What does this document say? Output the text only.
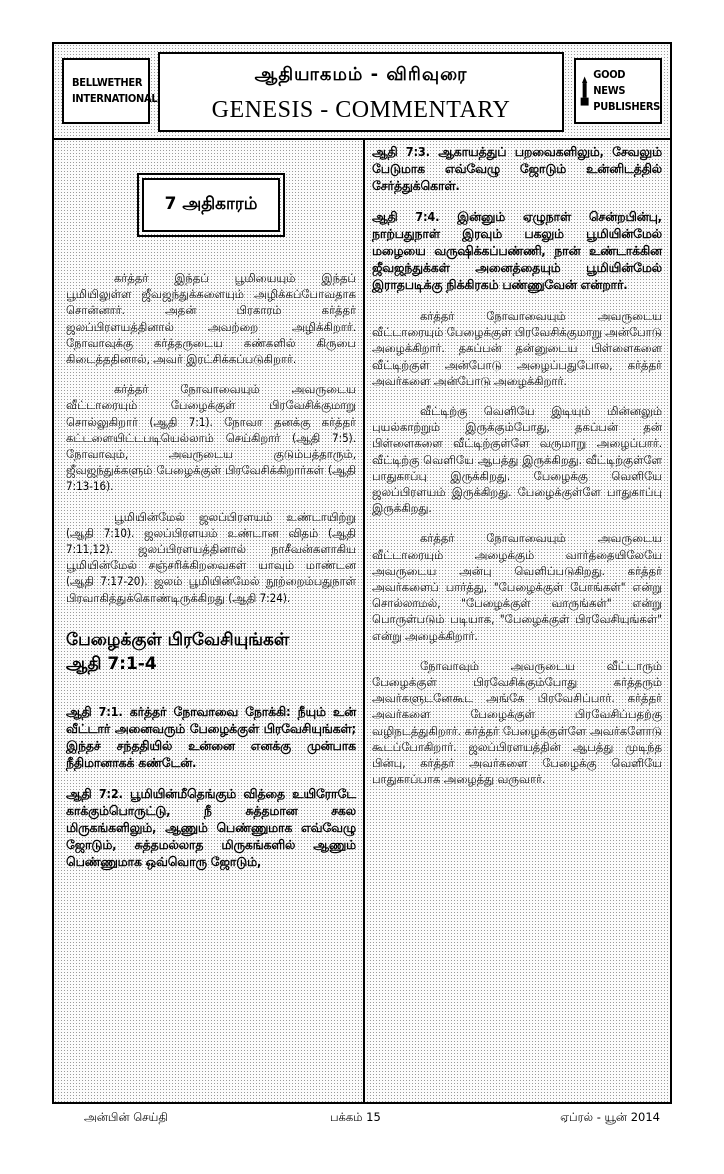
BELLWETHER
INTERNATIONAL
ஆதியாகமம் - விரிவுரை
GENESIS - COMMENTARY
GOOD NEWS
PUBLISHERS
7 அதிகாரம்

கர்த்தர் இந்தப் பூமியையும் இந்தப் பூமியிலுள்ள ஜீவஜந்துக்களையும் அழிக்கப்போவதாக சொன்னார். அதன் பிரகாரம் கர்த்தர் ஜலப்பிரளயத்தினால் அவற்றை அழிக்கிறார். நோவாவுக்கு கர்த்தருடைய கண்களில் கிருபை கிடைத்ததினால், அவர் இரட்சிக்கப்படுகிறார்.

கர்த்தர் நோவாவையும் அவருடைய வீட்டாரையும் பேழைக்குள் பிரவேசிக்குமாறு சொல்லுகிறார் (ஆதி 7:1). நோவா தனக்கு கர்த்தர் கட்டளையிட்டபடியெல்லாம் செய்கிறார் (ஆதி 7:5). நோவாவும், அவருடைய குடும்பத்தாரும், ஜீவஜந்துக்களும் பேழைக்குள் பிரவேசிக்கிறார்கள் (ஆதி 7:13-16).

பூமியின்மேல் ஜலப்பிரளயம் உண்டாயிற்று (ஆதி 7:10). ஜலப்பிரளயம் உண்டான விதம் (ஆதி 7:11,12). ஜலப்பிரளயத்தினால் நாசீவன்களாகிய பூமியின்மேல் சஞ்சரிக்கிறவைகள் யாவும் மாண்டன (ஆதி 7:17-20). ஜலம் பூமியின்மேல் நூற்றைம்பதுநாள் பிரவாகித்துக்கொண்டிருக்கிறது (ஆதி 7:24).

பேழைக்குள் பிரவேசியுங்கள்
ஆதி 7:1-4

ஆதி 7:1. கர்த்தர் நோவாவை நோக்கி: நீயும் உன் வீட்டார் அனைவரும் பேழைக்குள் பிரவேசியுங்கள்; இந்தச் சந்ததியில் உன்னை எனக்கு முன்பாக நீதிமானாகக் கண்டேன்.

ஆதி 7:2. பூமியின்மீதெங்கும் வித்தை உயிரோடே காக்கும்பொருட்டு, நீ சுத்தமான சகல மிருகங்களிலும், ஆணும் பெண்ணுமாக எவ்வேழு ஜோடும், சுத்தமல்லாத மிருகங்களில் ஆணும் பெண்ணுமாக ஒவ்வொரு ஜோடும்,

ஆதி 7:3. ஆகாயத்துப் பறவைகளிலும், சேவலும் பேடுமாக எவ்வேழு ஜோடும் உன்னிடத்தில் சேர்த்துக்கொள்.

ஆதி 7:4. இன்னும் ஏழுநாள் சென்றபின்பு, நாற்பதுநாள் இரவும் பகலும் பூமியின்மேல் மழையை வருஷிக்கப்பண்ணி, நான் உண்டாக்கின ஜீவஜந்துக்கள் அனைத்தையும் பூமியின்மேல் இராதபடிக்கு நிக்கிரகம் பண்ணுவேன் என்றார்.

கர்த்தர் நோவாவையும் அவருடைய வீட்டாரையும் பேழைக்குள் பிரவேசிக்குமாறு அன்போடு அழைக்கிறார். தகப்பன் தன்னுடைய பிள்ளைகளை வீட்டிற்குள் அன்போடு அழைப்பதுபோல, கர்த்தர் அவர்களை அன்போடு அழைக்கிறார்.

வீட்டிற்கு வெளியே இடியும் மின்னலும் புயல்காற்றும் இருக்கும்போது, தகப்பன் தன் பிள்ளைகளை வீட்டிற்குள்ளே வருமாறு அழைப்பார். வீட்டிற்கு வெளியே ஆபத்து இருக்கிறது. வீட்டிற்குள்ளே பாதுகாப்பு இருக்கிறது. பேழைக்கு வெளியே ஜலப்பிரளயம் இருக்கிறது. பேழைக்குள்ளே பாதுகாப்பு இருக்கிறது.

கர்த்தர் நோவாவையும் அவருடைய வீட்டாரையும் அழைக்கும் வார்த்தையிலேயே அவருடைய அன்பு வெளிப்படுகிறது. கர்த்தர் அவர்களைப் பார்த்து, "பேழைக்குள் போங்கள்" என்று சொல்லாமல், "பேழைக்குள் வாருங்கள்" என்று பொருள்படும் படியாக, "பேழைக்குள் பிரவேசியுங்கள்" என்று அழைக்கிறார்.

நோவாவும் அவருடைய வீட்டாரும் பேழைக்குள் பிரவேசிக்கும்போது கர்த்தரும் அவர்களுடனேகூட அங்கே பிரவேசிப்பார். கர்த்தர் அவர்களை பேழைக்குள் பிரவேசிப்பதற்கு வழிநடத்துகிறார். கர்த்தர் பேழைக்குள்ளே அவர்களோடு கூடப்போகிறார். ஜலப்பிரளயத்தின் ஆபத்து முடிந்த பின்பு, கர்த்தர் அவர்களை பேழைக்கு வெளியே பாதுகாப்பாக அழைத்து வருவார்.

அன்பின் செய்தி	பக்கம் 15	ஏப்ரல் - யூன் 2014
